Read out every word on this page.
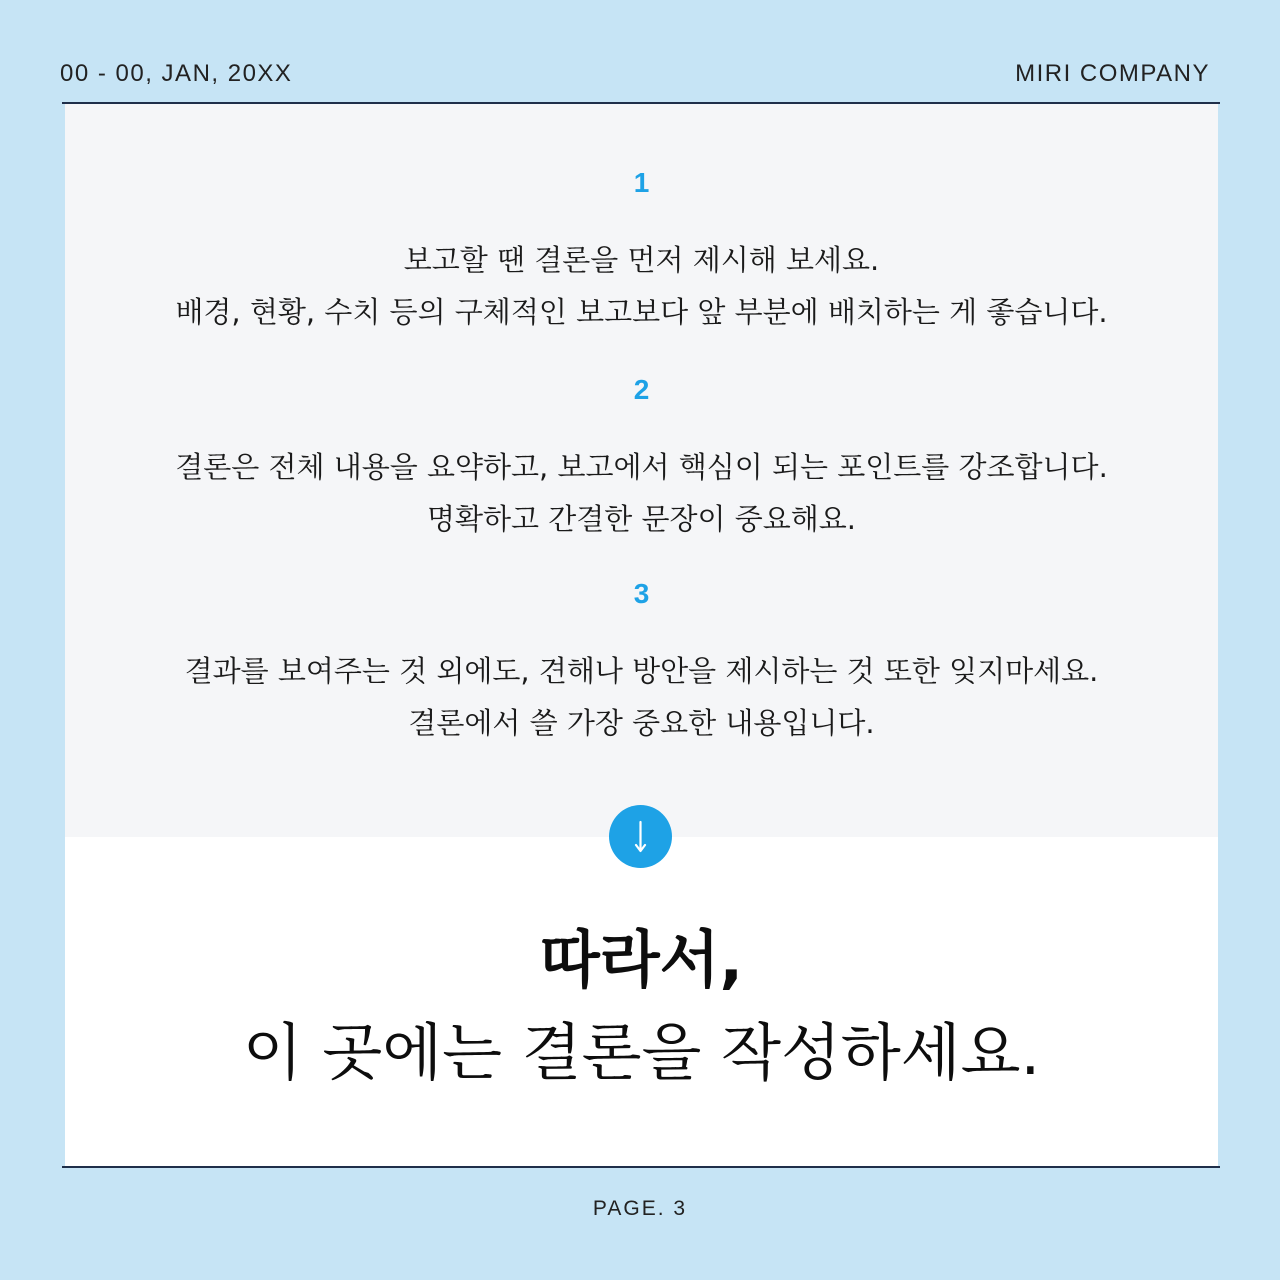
00 - 00, JAN, 20XX	MIRI COMPANY
1
보고할 땐 결론을 먼저 제시해 보세요.
배경, 현황, 수치 등의 구체적인 보고보다 앞 부분에 배치하는 게 좋습니다.
2
결론은 전체 내용을 요약하고, 보고에서 핵심이 되는 포인트를 강조합니다.
명확하고 간결한 문장이 중요해요.
3
결과를 보여주는 것 외에도, 견해나 방안을 제시하는 것 또한 잊지마세요.
결론에서 쓸 가장 중요한 내용입니다.
따라서,
이 곳에는 결론을 작성하세요.
PAGE. 3
